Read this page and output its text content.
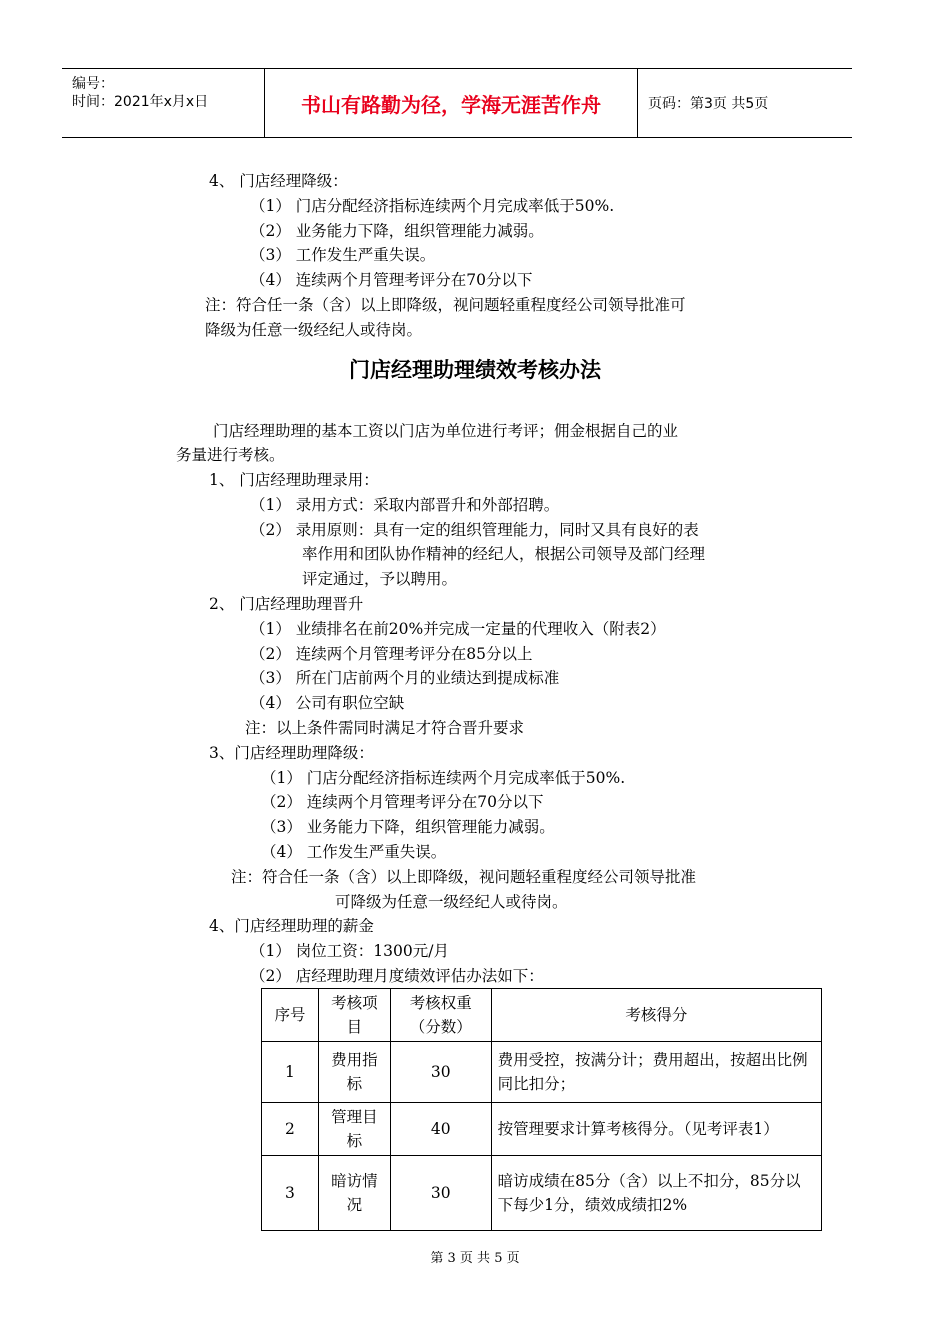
编号：
时间：2021年x月x日	书山有路勤为径，学海无涯苦作舟	页码：第3页 共5页
4、 门店经理降级：
（1） 门店分配经济指标连续两个月完成率低于50%.
（2） 业务能力下降，组织管理能力减弱。
（3） 工作发生严重失误。
（4） 连续两个月管理考评分在70分以下
注：符合任一条（含）以上即降级，视问题轻重程度经公司领导批准可
降级为任意一级经纪人或待岗。
门店经理助理绩效考核办法
门店经理助理的基本工资以门店为单位进行考评；佣金根据自己的业
务量进行考核。
1、 门店经理助理录用：
（1） 录用方式：采取内部晋升和外部招聘。
（2） 录用原则：具有一定的组织管理能力，同时又具有良好的表
率作用和团队协作精神的经纪人，根据公司领导及部门经理
评定通过，予以聘用。
2、 门店经理助理晋升
（1） 业绩排名在前20%并完成一定量的代理收入（附表2）
（2） 连续两个月管理考评分在85分以上
（3） 所在门店前两个月的业绩达到提成标准
（4） 公司有职位空缺
注：以上条件需同时满足才符合晋升要求
3、门店经理助理降级：
（1） 门店分配经济指标连续两个月完成率低于50%.
（2） 连续两个月管理考评分在70分以下
（3） 业务能力下降，组织管理能力减弱。
（4） 工作发生严重失误。
注：符合任一条（含）以上即降级，视问题轻重程度经公司领导批准
可降级为任意一级经纪人或待岗。
4、门店经理助理的薪金
（1） 岗位工资：1300元/月
（2） 店经理助理月度绩效评估办法如下：
序号	考核项目	考核权重（分数）	考核得分
1	费用指标	30	费用受控，按满分计；费用超出，按超出比例同比扣分；
2	管理目标	40	按管理要求计算考核得分。（见考评表1）
3	暗访情况	30	暗访成绩在85分（含）以上不扣分，85分以下每少1分，绩效成绩扣2%
第 3 页 共 5 页
